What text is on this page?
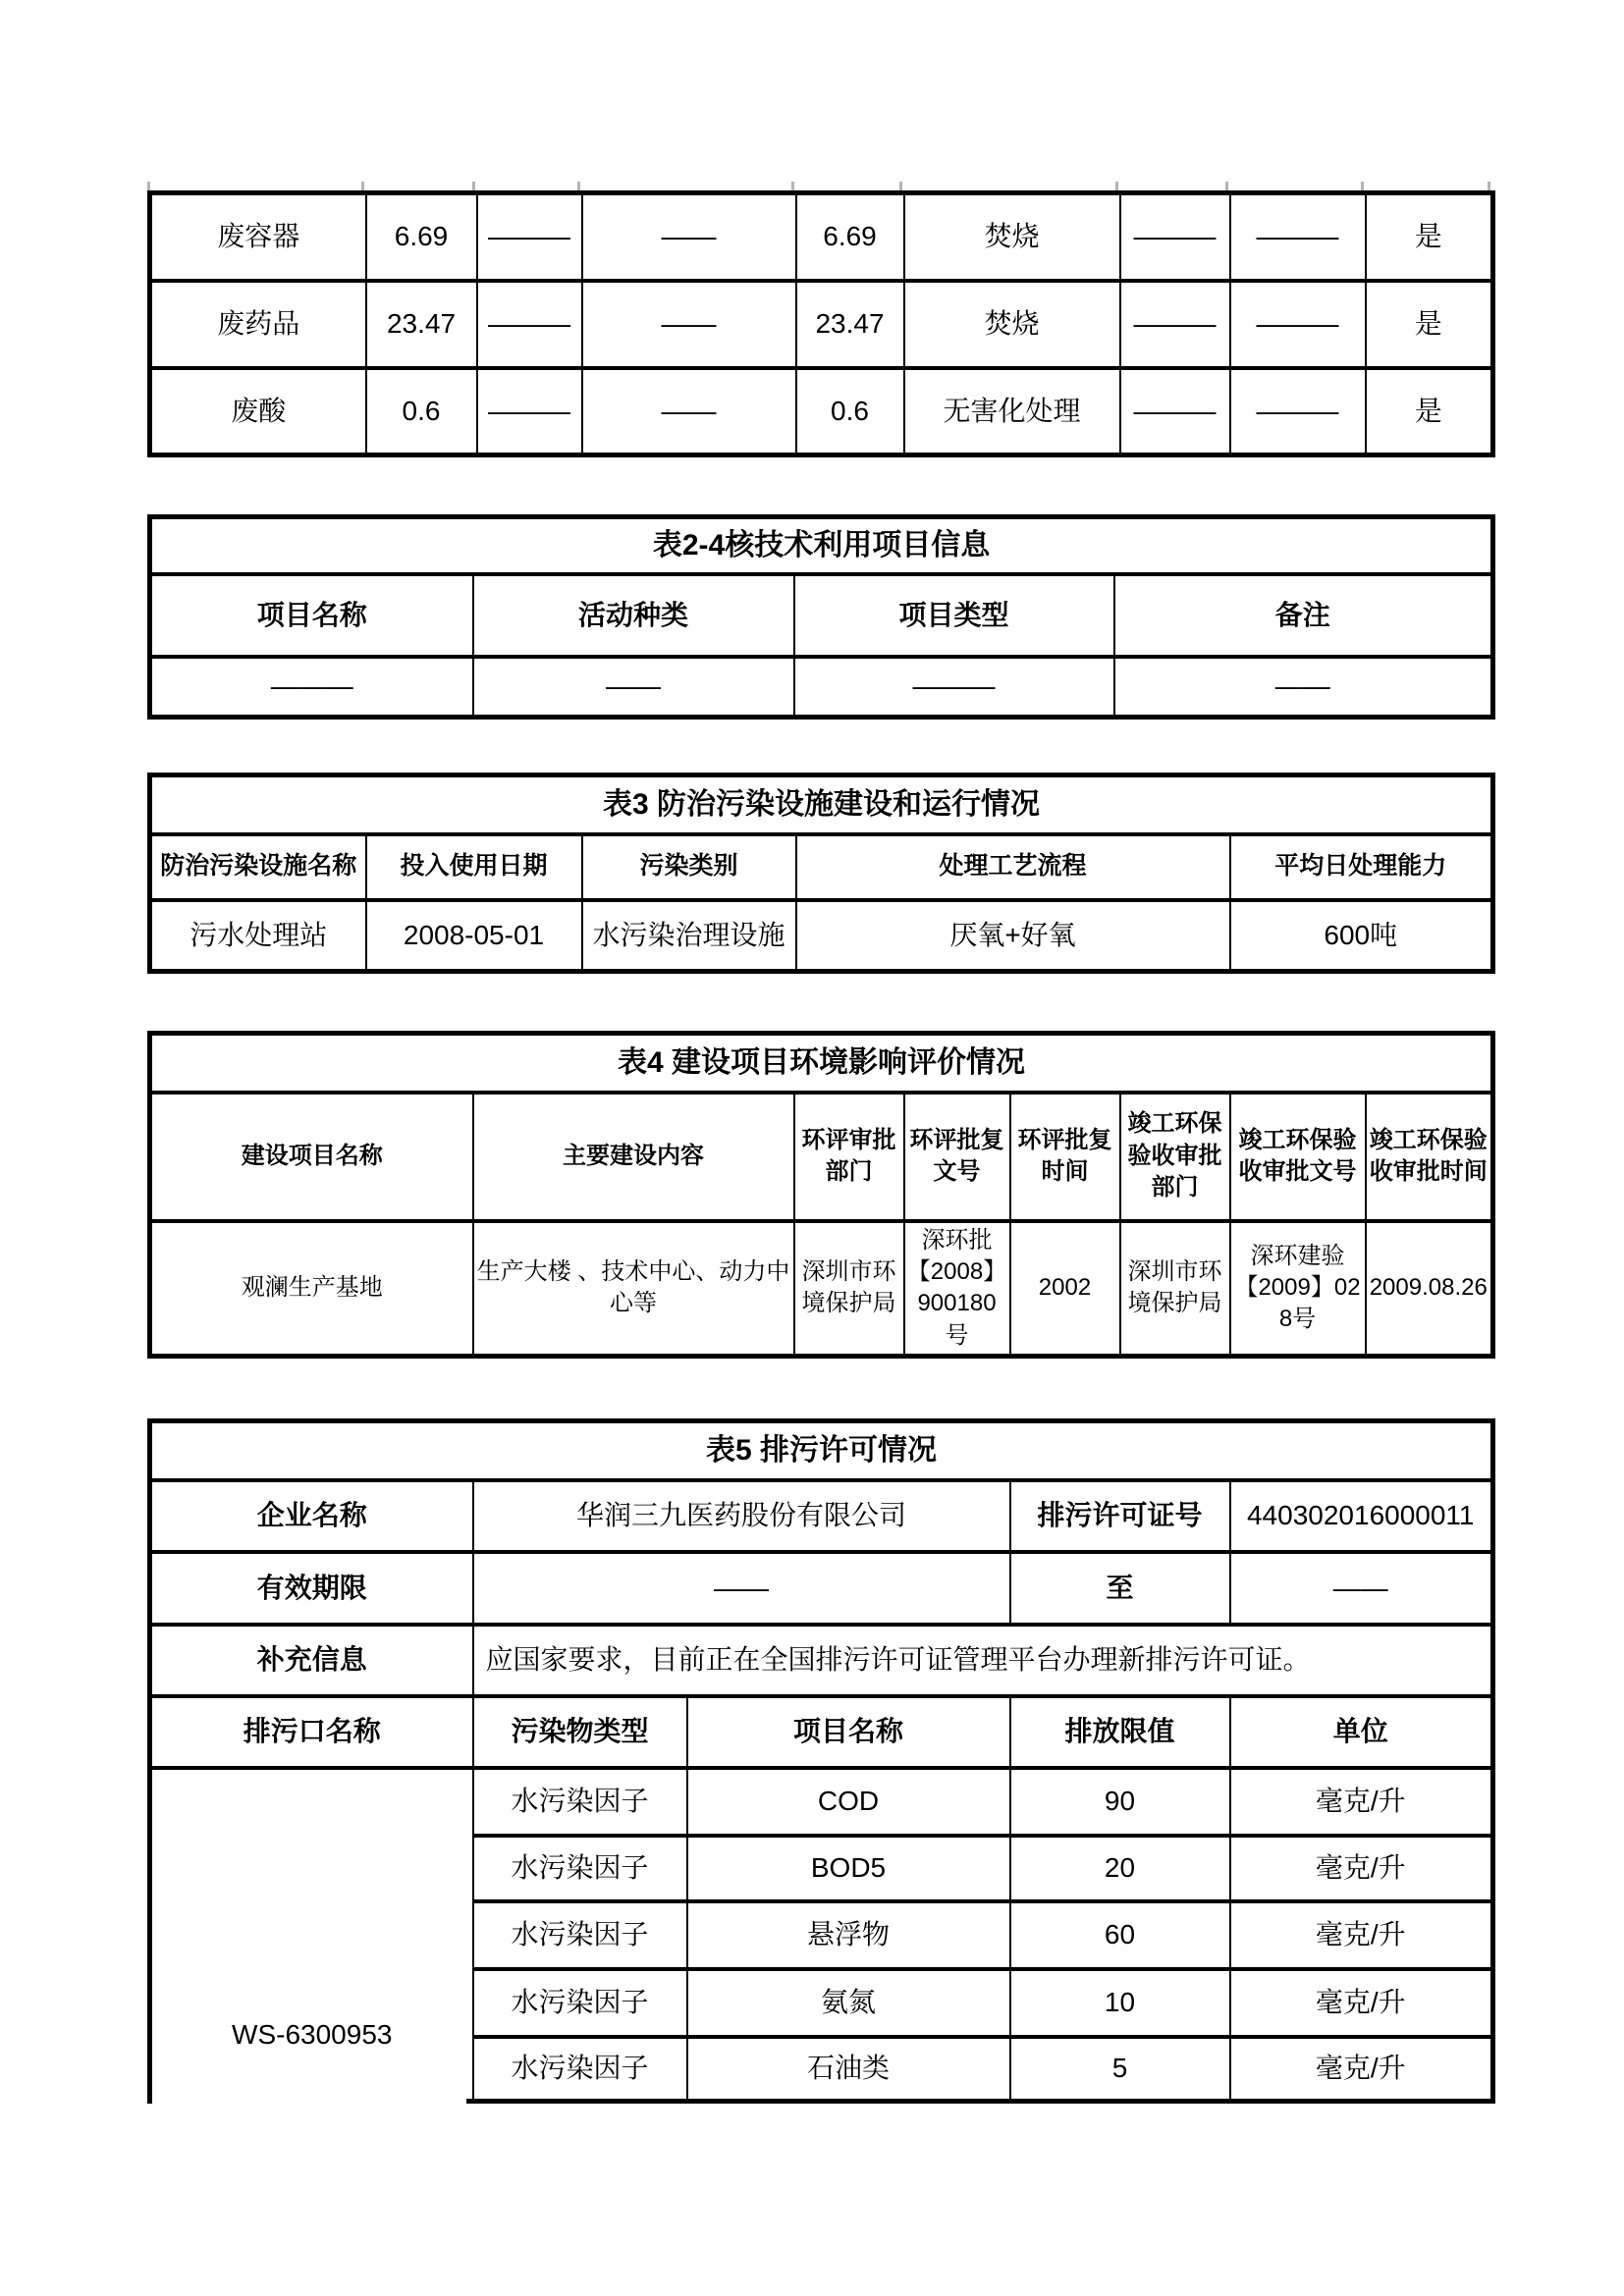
废容器	6.69	———	——	6.69	焚烧	———	———	是
废药品	23.47	———	——	23.47	焚烧	———	———	是
废酸	0.6	———	——	0.6	无害化处理	———	———	是
表2-4核技术利用项目信息			
项目名称	活动种类	项目类型	备注
———	——	———	——
表3 防治污染设施建设和运行情况				
防治污染设施名称	投入使用日期	污染类别	处理工艺流程	平均日处理能力
污水处理站	2008-05-01	水污染治理设施	厌氧+好氧	600吨
表4 建设项目环境影响评价情况							
建设项目名称	主要建设内容	环评审批部门	环评批复文号	环评批复时间	竣工环保验收审批部门	竣工环保验收审批文号	竣工环保验收审批时间
观澜生产基地	生产大楼 、技术中心、动力中心等	深圳市环境保护局	深环批【2008】900180号	2002	深圳市环境保护局	深环建验【2009】028号	2009.08.26
表5 排污许可情况				
企业名称	华润三九医药股份有限公司		排污许可证号	440302016000011
有效期限	——		至	——
补充信息	应国家要求，目前正在全国排污许可证管理平台办理新排污许可证。			
排污口名称	污染物类型	项目名称	排放限值	单位
WS-6300953	水污染因子	COD	90	毫克/升
	水污染因子	BOD5	20	毫克/升
	水污染因子	悬浮物	60	毫克/升
	水污染因子	氨氮	10	毫克/升
	水污染因子	石油类	5	毫克/升
